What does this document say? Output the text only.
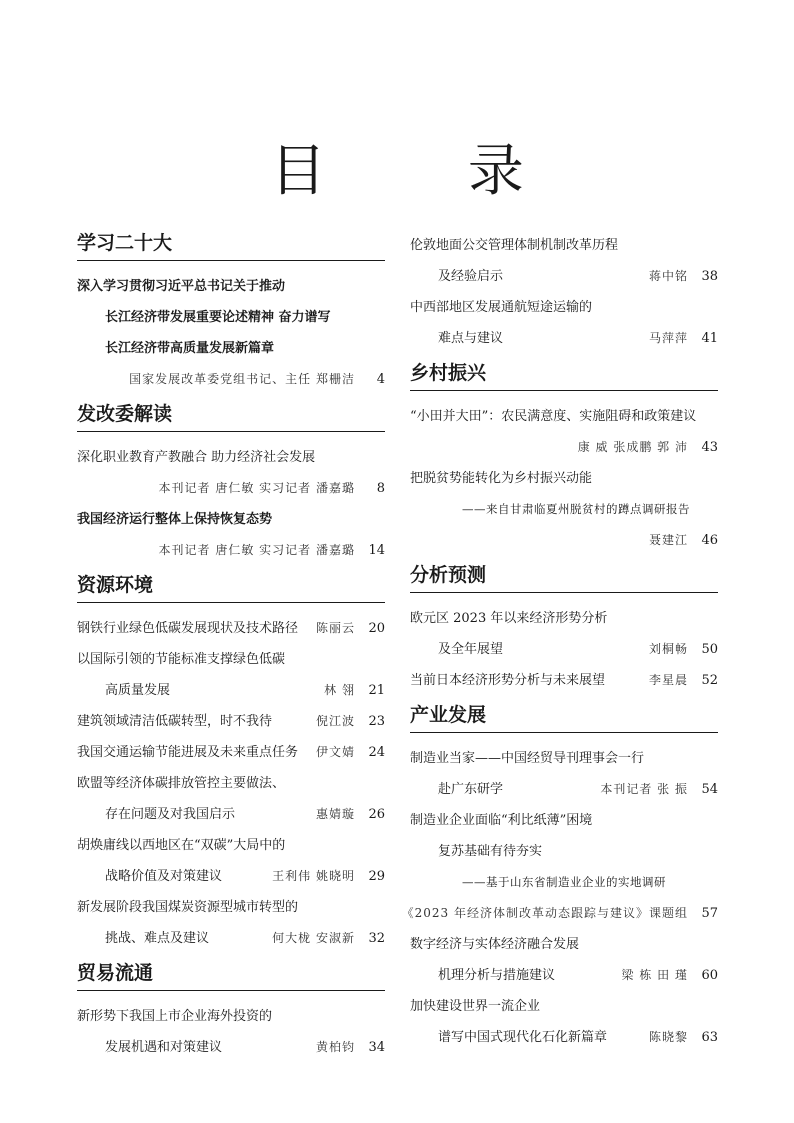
目 录
学习二十大
深入学习贯彻习近平总书记关于推动
长江经济带发展重要论述精神 奋力谱写
长江经济带高质量发展新篇章
国家发展改革委党组书记、主任 郑栅洁	4
发改委解读
深化职业教育产教融合 助力经济社会发展
本刊记者 唐仁敏 实习记者 潘嘉璐	8
我国经济运行整体上保持恢复态势
本刊记者 唐仁敏 实习记者 潘嘉璐	14
资源环境
钢铁行业绿色低碳发展现状及技术路径 陈丽云	20
以国际引领的节能标准支撑绿色低碳
高质量发展	林 翎	21
建筑领域清洁低碳转型，时不我待	倪江波	23
我国交通运输节能进展及未来重点任务 伊文婧	24
欧盟等经济体碳排放管控主要做法、
存在问题及对我国启示	惠婧璇	26
胡焕庸线以西地区在“双碳”大局中的
战略价值及对策建议	王利伟 姚晓明	29
新发展阶段我国煤炭资源型城市转型的
挑战、难点及建议	何大栊 安淑新	32
贸易流通
新形势下我国上市企业海外投资的
发展机遇和对策建议	黄柏钧	34
伦敦地面公交管理体制机制改革历程
及经验启示	蒋中铭	38
中西部地区发展通航短途运输的
难点与建议	马萍萍	41
乡村振兴
“小田并大田”：农民满意度、实施阻碍和政策建议
康 威 张成鹏 郭 沛	43
把脱贫势能转化为乡村振兴动能
——来自甘肃临夏州脱贫村的蹲点调研报告
聂建江	46
分析预测
欧元区 2023 年以来经济形势分析
及全年展望	刘桐畅	50
当前日本经济形势分析与未来展望	李星晨	52
产业发展
制造业当家——中国经贸导刊理事会一行
赴广东研学	本刊记者 张 振	54
制造业企业面临“利比纸薄”困境
复苏基础有待夯实
——基于山东省制造业企业的实地调研
《2023 年经济体制改革动态跟踪与建议》课题组	57
数字经济与实体经济融合发展
机理分析与措施建议	梁 栋 田 瑾	60
加快建设世界一流企业
谱写中国式现代化石化新篇章	陈晓黎	63
